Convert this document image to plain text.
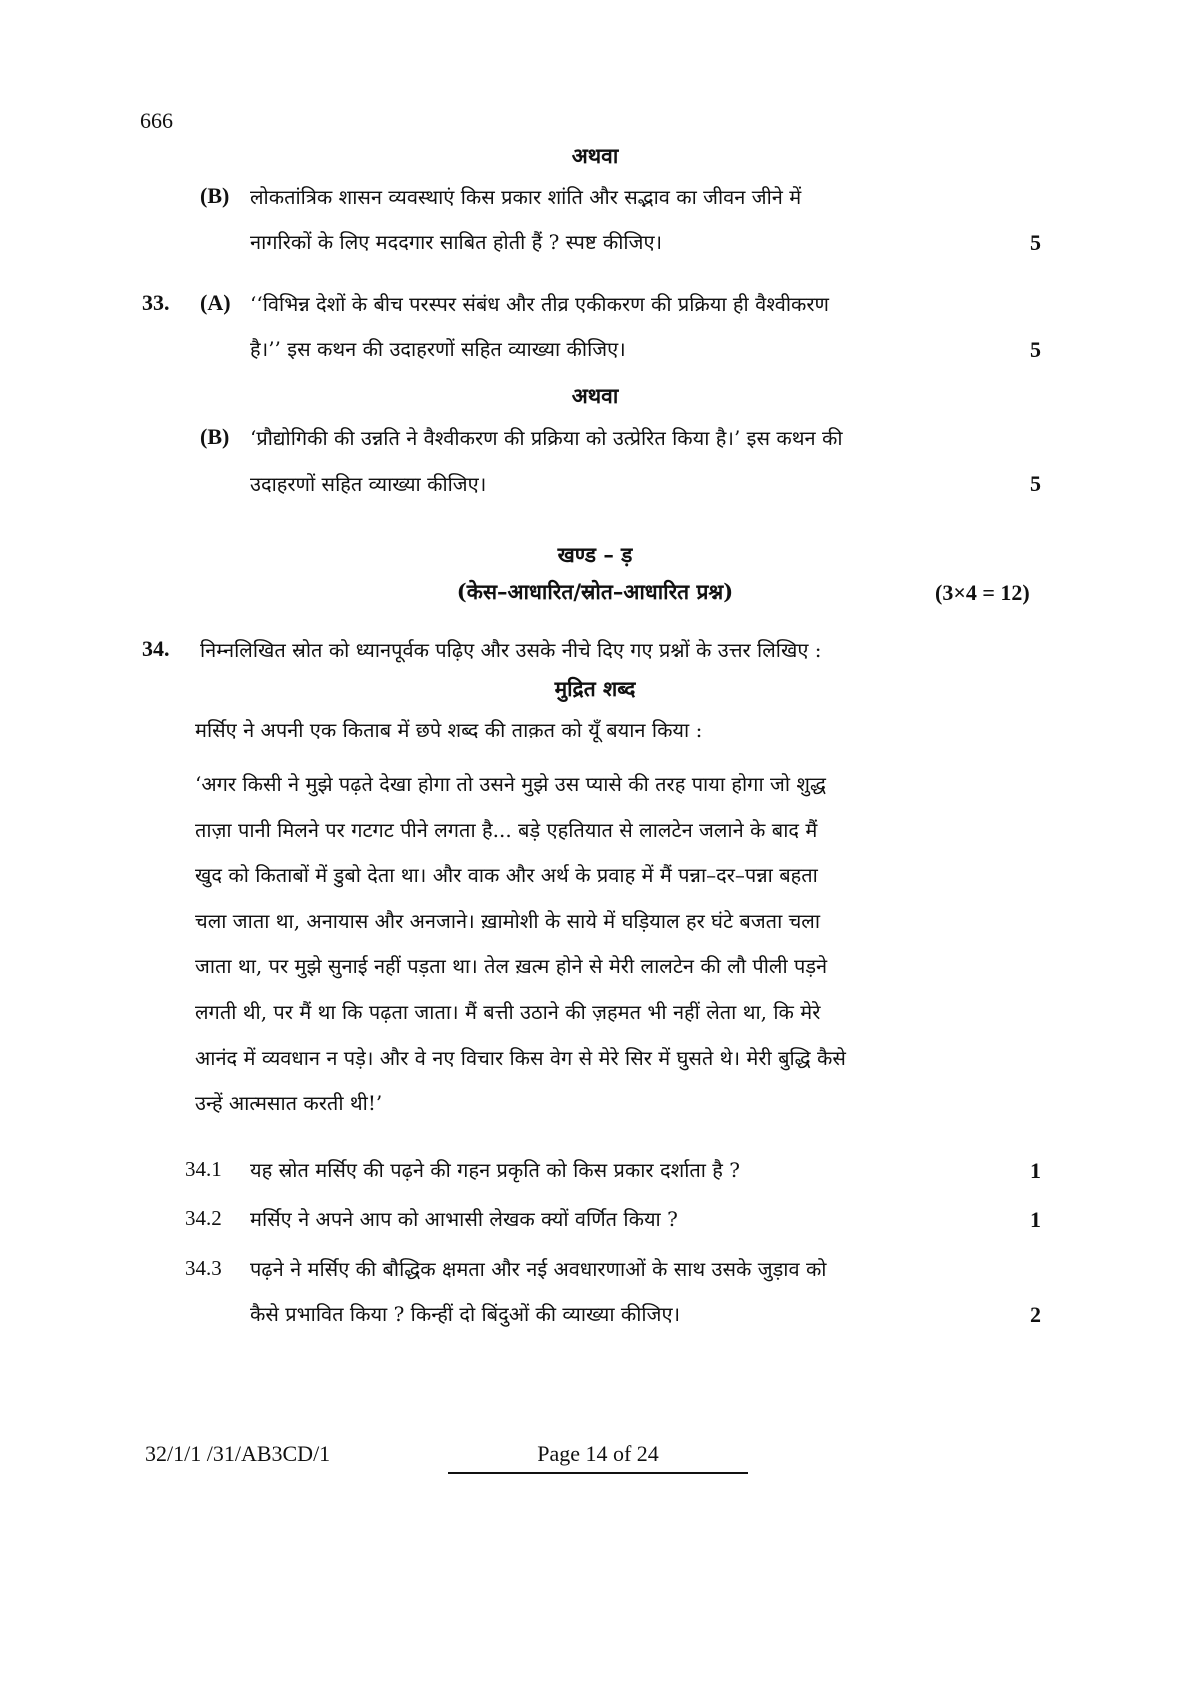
666
अथवा
(B) लोकतांत्रिक शासन व्यवस्थाएं किस प्रकार शांति और सद्भाव का जीवन जीने में
नागरिकों के लिए मददगार साबित होती हैं ? स्पष्ट कीजिए।	5
33. (A) ‘‘विभिन्न देशों के बीच परस्पर संबंध और तीव्र एकीकरण की प्रक्रिया ही वैश्वीकरण
है।’’ इस कथन की उदाहरणों सहित व्याख्या कीजिए।	5
अथवा
(B) ‘प्रौद्योगिकी की उन्नति ने वैश्वीकरण की प्रक्रिया को उत्प्रेरित किया है।’ इस कथन की
उदाहरणों सहित व्याख्या कीजिए।	5
खण्ड – ड़
(केस–आधारित/स्रोत–आधारित प्रश्न)	(3×4 = 12)
34. निम्नलिखित स्रोत को ध्यानपूर्वक पढ़िए और उसके नीचे दिए गए प्रश्नों के उत्तर लिखिए :
मुद्रित शब्द
मर्सिए ने अपनी एक किताब में छपे शब्द की ताक़त को यूँ बयान किया :

‘अगर किसी ने मुझे पढ़ते देखा होगा तो उसने मुझे उस प्यासे की तरह पाया होगा जो शुद्ध

ताज़ा पानी मिलने पर गटगट पीने लगता है... बड़े एहतियात से लालटेन जलाने के बाद मैं

खुद को किताबों में डुबो देता था। और वाक और अर्थ के प्रवाह में मैं पन्ना–दर–पन्ना बहता

चला जाता था, अनायास और अनजाने। ख़ामोशी के साये में घड़ियाल हर घंटे बजता चला

जाता था, पर मुझे सुनाई नहीं पड़ता था। तेल ख़त्म होने से मेरी लालटेन की लौ पीली पड़ने

लगती थी, पर मैं था कि पढ़ता जाता। मैं बत्ती उठाने की ज़हमत भी नहीं लेता था, कि मेरे

आनंद में व्यवधान न पड़े। और वे नए विचार किस वेग से मेरे सिर में घुसते थे। मेरी बुद्धि कैसे

उन्हें आत्मसात करती थी!’

34.1 यह स्रोत मर्सिए की पढ़ने की गहन प्रकृति को किस प्रकार दर्शाता है ?	1
34.2 मर्सिए ने अपने आप को आभासी लेखक क्यों वर्णित किया ?	1
34.3 पढ़ने ने मर्सिए की बौद्धिक क्षमता और नई अवधारणाओं के साथ उसके जुड़ाव को
कैसे प्रभावित किया ? किन्हीं दो बिंदुओं की व्याख्या कीजिए।	2
32/1/1 /31/AB3CD/1	Page 14 of 24
